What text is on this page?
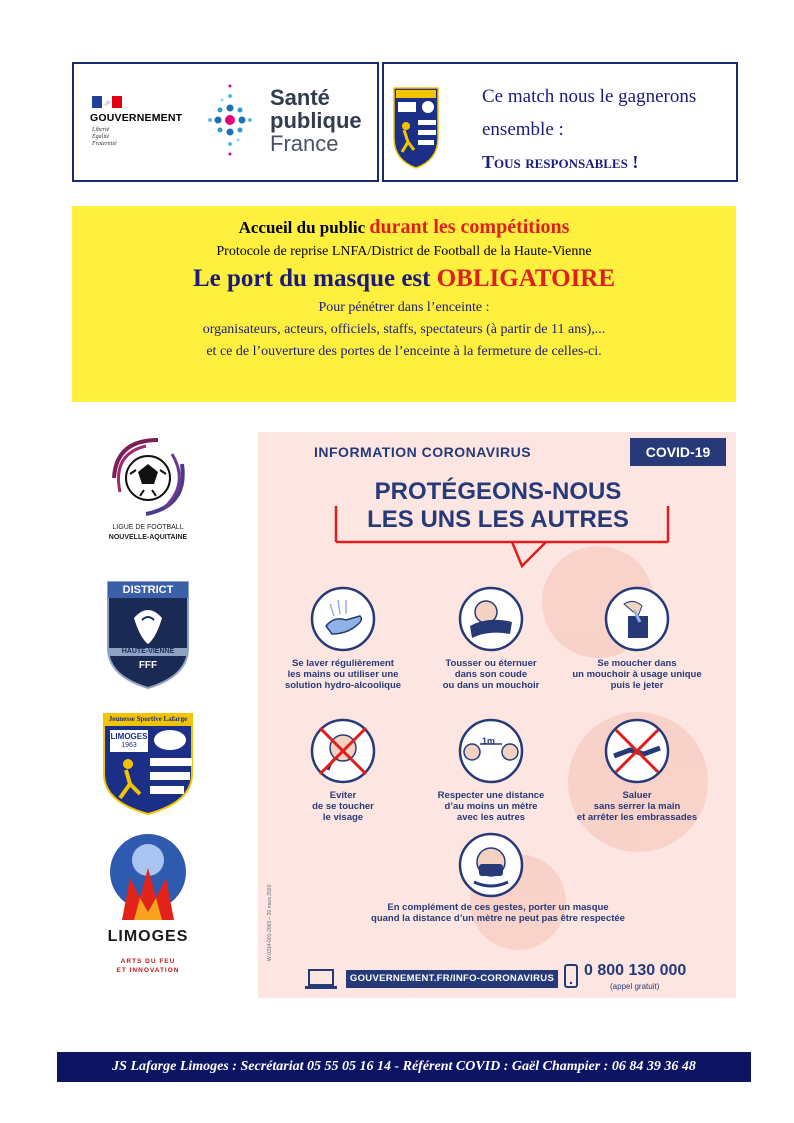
GOUVERNEMENT
Liberté
Égalité
Fraternité
Santé
publique
France
Ce match nous le gagnerons
ensemble :
Tous responsables !
Accueil du public durant les compétitions
Protocole de reprise LNFA/District de Football de la Haute-Vienne
Le port du masque est OBLIGATOIRE
Pour pénétrer dans l’enceinte :
organisateurs, acteurs, officiels, staffs, spectateurs (à partir de 11 ans),...
et ce de l’ouverture des portes de l’enceinte à la fermeture de celles-ci.
LIGUE DE FOOTBALL
NOUVELLE-AQUITAINE
DISTRICT
HAUTE-VIENNE
FFF
Jeunesse Sportive Lafarge
LIMOGES
1963
LIMOGES
ARTS DU FEU
ET INNOVATION
INFORMATION CORONAVIRUS	COVID-19
PROTÉGEONS-NOUS
LES UNS LES AUTRES
Se laver régulièrement
les mains ou utiliser une
solution hydro-alcoolique
Tousser ou éternuer
dans son coude
ou dans un mouchoir
Se moucher dans
un mouchoir à usage unique
puis le jeter
Eviter
de se toucher
le visage
1m
Respecter une distance
d’au moins un mètre
avec les autres
Saluer
sans serrer la main
et arrêter les embrassades
En complément de ces gestes, porter un masque
quand la distance d’un mètre ne peut pas être respectée
GOUVERNEMENT.FR/INFO-CORONAVIRUS 0 800 130 000
(appel gratuit)
W-0314-001-2003 – 20 mars 2020
JS Lafarge Limoges : Secrétariat 05 55 05 16 14 - Référent COVID : Gaël Champier : 06 84 39 36 48
